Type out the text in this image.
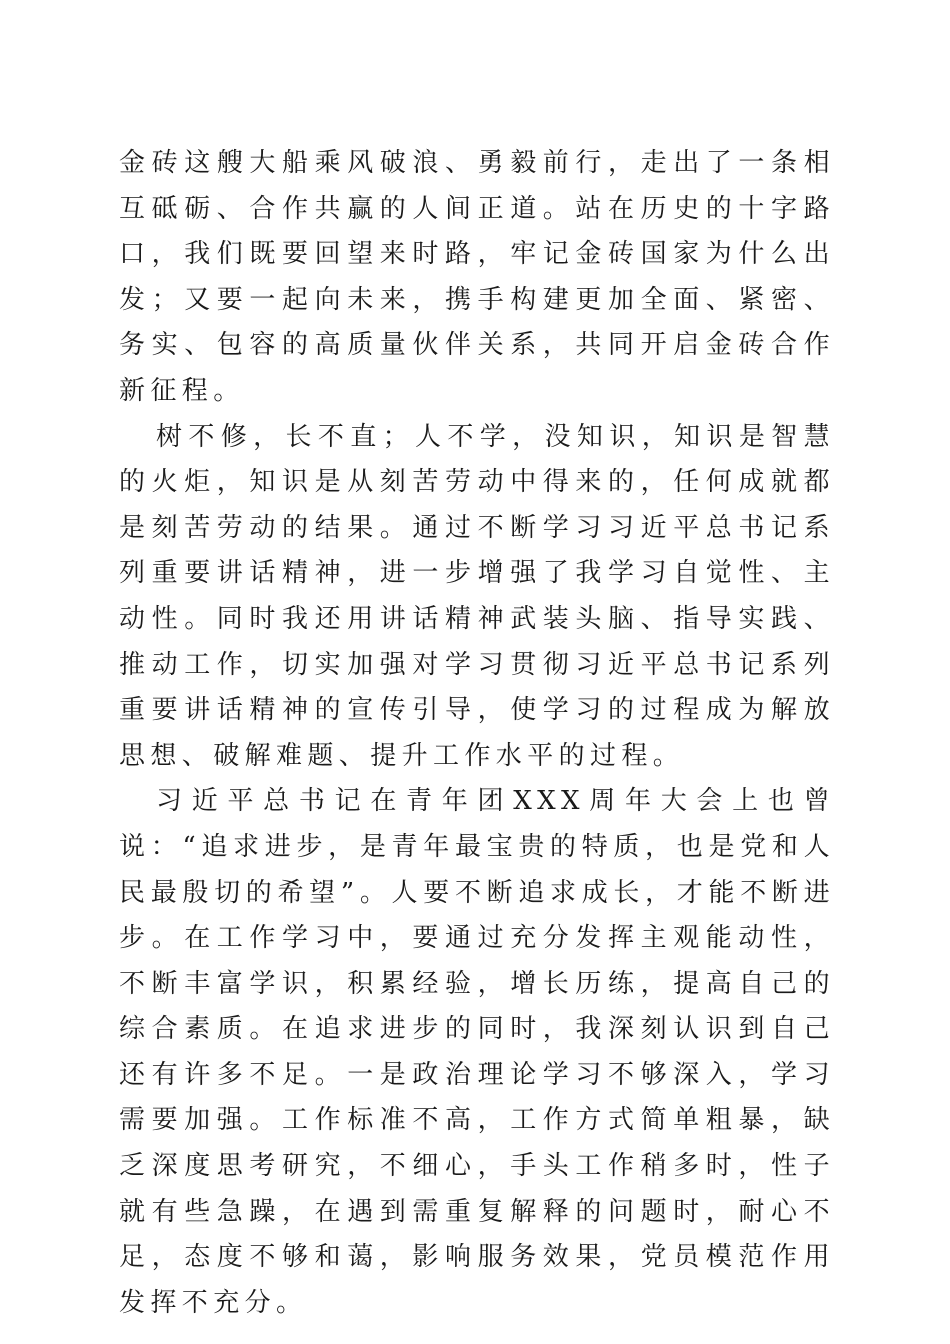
金砖这艘大船乘风破浪、勇毅前行，走出了一条相互砥砺、合作共赢的人间正道。站在历史的十字路口，我们既要回望来时路，牢记金砖国家为什么出发；又要一起向未来，携手构建更加全面、紧密、务实、包容的高质量伙伴关系，共同开启金砖合作新征程。

树不修，长不直；人不学，没知识，知识是智慧的火炬，知识是从刻苦劳动中得来的，任何成就都是刻苦劳动的结果。通过不断学习习近平总书记系列重要讲话精神，进一步增强了我学习自觉性、主动性。同时我还用讲话精神武装头脑、指导实践、推动工作，切实加强对学习贯彻习近平总书记系列重要讲话精神的宣传引导，使学习的过程成为解放思想、破解难题、提升工作水平的过程。

习近平总书记在青年团XXX周年大会上也曾说：“追求进步，是青年最宝贵的特质，也是党和人民最殷切的希望”。人要不断追求成长，才能不断进步。在工作学习中，要通过充分发挥主观能动性，不断丰富学识，积累经验，增长历练，提高自己的综合素质。在追求进步的同时，我深刻认识到自己还有许多不足。一是政治理论学习不够深入，学习需要加强。工作标准不高，工作方式简单粗暴，缺乏深度思考研究，不细心，手头工作稍多时，性子就有些急躁，在遇到需重复解释的问题时，耐心不足，态度不够和蔼，影响服务效果，党员模范作用发挥不充分。
